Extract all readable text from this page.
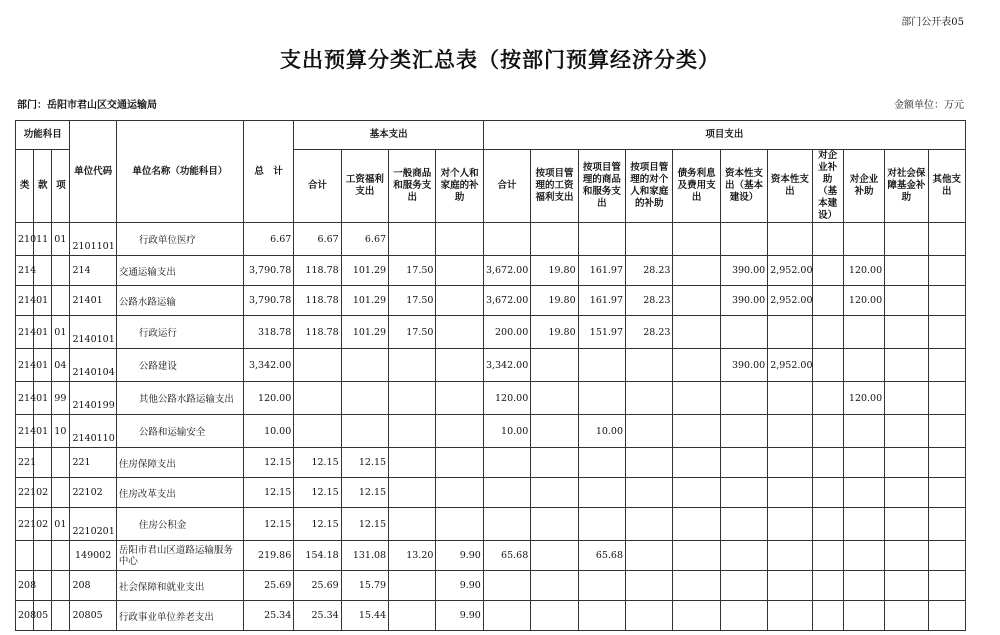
部门公开表05
支出预算分类汇总表（按部门预算经济分类）
部门：岳阳市君山区交通运输局	金额单位：万元
功能科目			单位代码	单位名称（功能科目）	总　计	基本支出				项目支出										
类	款	项				合计	工资福利支出	一般商品和服务支出	对个人和家庭的补助	合计	按项目管理的工资福利支出	按项目管理的商品和服务支出	按项目管理的对个人和家庭的补助	债务利息及费用支出	资本性支出（基本建设）	资本性支出	对企业补助（基本建设）	对企业补助	对社会保障基金补助	其他支出
210	11	01	2101101	行政单位医疗	6.67	6.67	6.67													
214			214	交通运输支出	3,790.78	118.78	101.29	17.50		3,672.00	19.80	161.97	28.23		390.00	2,952.00		120.00		
214	01		21401	公路水路运输	3,790.78	118.78	101.29	17.50		3,672.00	19.80	161.97	28.23		390.00	2,952.00		120.00		
214	01	01	2140101	行政运行	318.78	118.78	101.29	17.50		200.00	19.80	151.97	28.23							
214	01	04	2140104	公路建设	3,342.00					3,342.00					390.00	2,952.00				
214	01	99	2140199	其他公路水路运输支出	120.00					120.00								120.00		
214	01	10	2140110	公路和运输安全	10.00					10.00		10.00								
221			221	住房保障支出	12.15	12.15	12.15													
221	02		22102	住房改革支出	12.15	12.15	12.15													
221	02	01	2210201	住房公积金	12.15	12.15	12.15													
			149002	岳阳市君山区道路运输服务中心	219.86	154.18	131.08	13.20	9.90	65.68		65.68								
208			208	社会保障和就业支出	25.69	25.69	15.79		9.90											
208	05		20805	行政事业单位养老支出	25.34	25.34	15.44		9.90											
